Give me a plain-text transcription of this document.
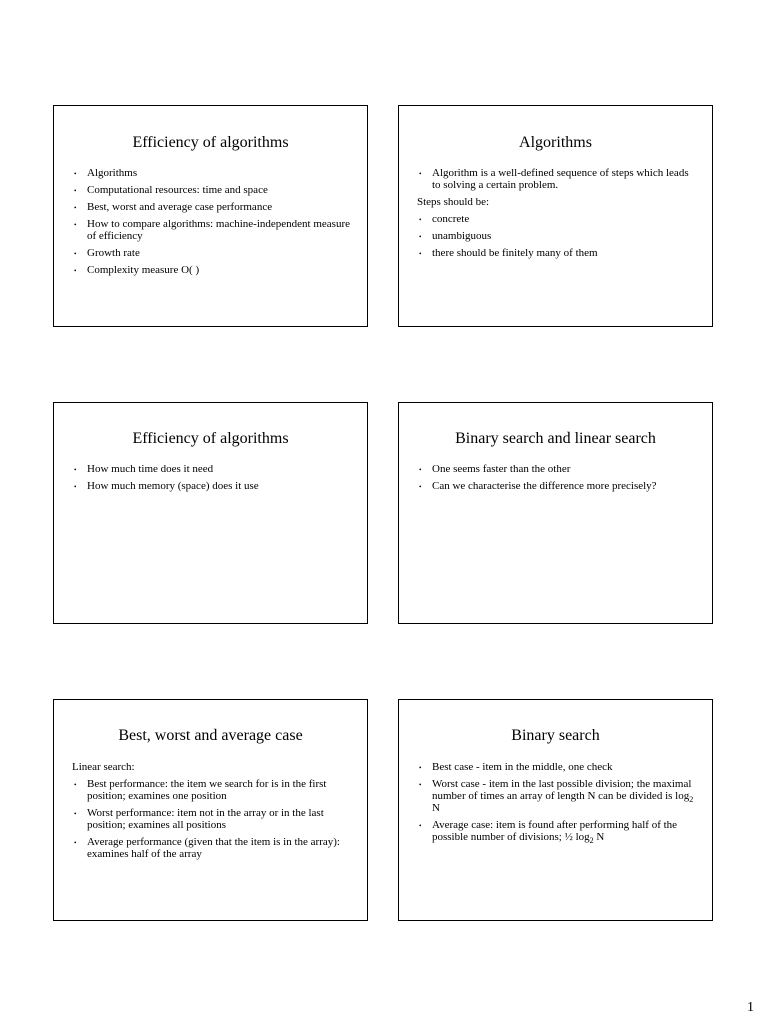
Efficiency of algorithms
• Algorithms
• Computational resources: time and space
• Best, worst and average case performance
• How to compare algorithms: machine-independent measure of efficiency
• Growth rate
• Complexity measure O( )
Algorithms
• Algorithm is a well-defined sequence of steps which leads to solving a certain problem.
Steps should be:
• concrete
• unambiguous
• there should be finitely many of them
Efficiency of algorithms
• How much time does it need
• How much memory (space) does it use
Binary search and linear search
• One seems faster than the other
• Can we characterise the difference more precisely?
Best, worst and average case
Linear search:
• Best performance: the item we search for is in the first position; examines one position
• Worst performance: item not in the array or in the last position; examines all positions
• Average performance (given that the item is in the array): examines half of the array
Binary search
• Best case - item in the middle, one check
• Worst case - item in the last possible division; the maximal number of times an array of length N can be divided is $\log_2 N$
• Average case: item is found after performing half of the possible number of divisions; ½ $\log_2 N$
1
